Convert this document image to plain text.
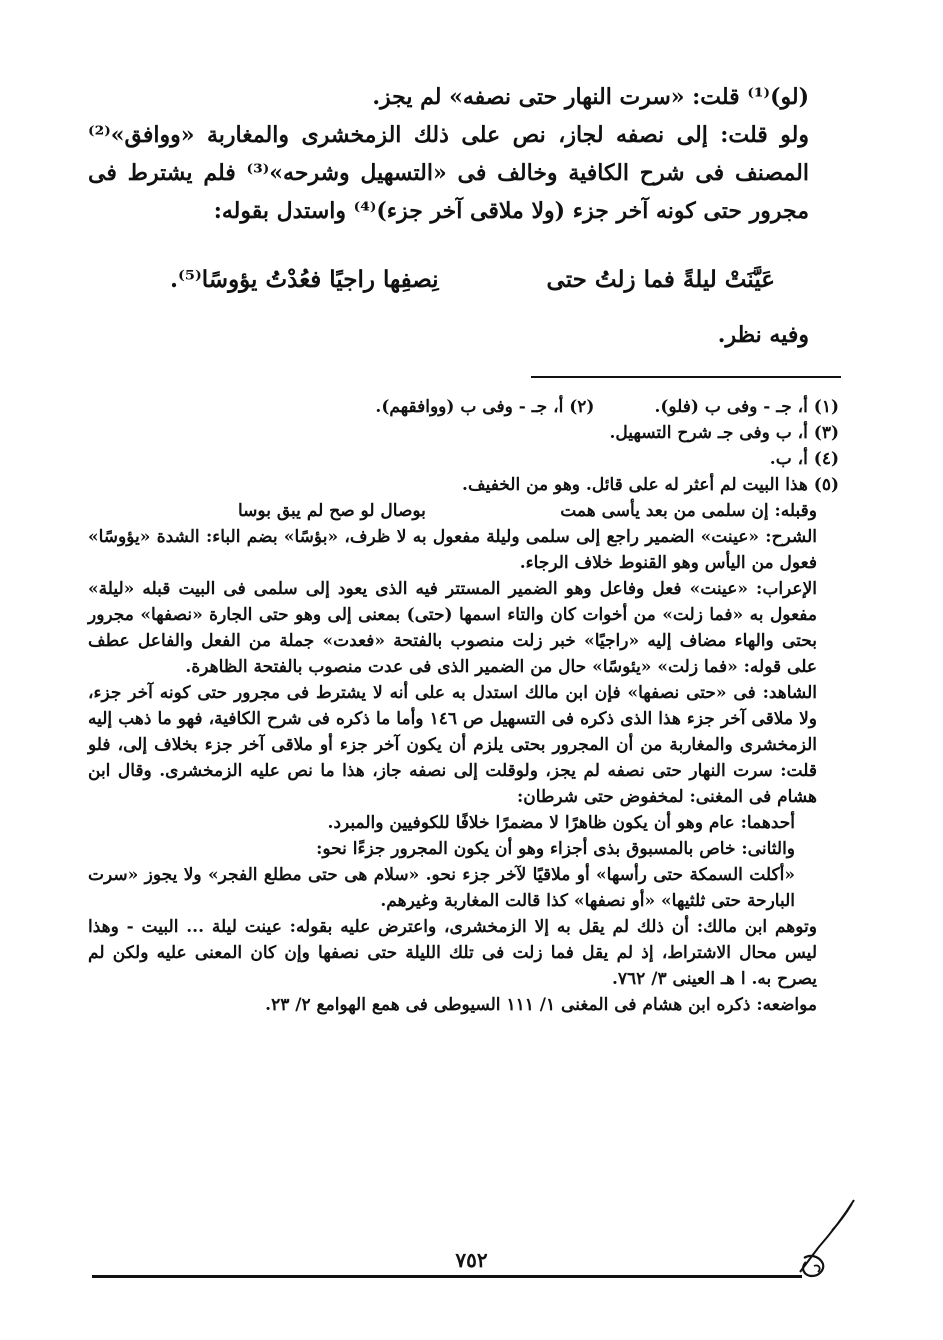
(لو)⁽¹⁾ قلت: «سرت النهار حتى نصفه» لم يجز.

ولو قلت: إلى نصفه لجاز، نص على ذلك الزمخشرى والمغاربة «ووافق»⁽²⁾ المصنف فى شرح الكافية وخالف فى «التسهيل وشرحه»⁽³⁾ فلم يشترط فى مجرور حتى كونه آخر جزء (ولا ملاقى آخر جزء)⁽⁴⁾ واستدل بقوله:

عَيَّنَتْ ليلةً فما زلتُ حتى
نِصفِها راجيًا فعُدْتُ يؤوسًا⁽⁵⁾.
وفيه نظر.
(١) أ، جـ - وفى ب (فلو).
(٢) أ، جـ - وفى ب (ووافقهم).

(٣) أ، ب وفى جـ شرح التسهيل.

(٤) أ، ب.

(٥) هذا البيت لم أعثر له على قائل. وهو من الخفيف.

وقبله: إن سلمى من بعد يأسى همت
بوصال لو صح لم يبق بوسا

الشرح: «عينت» الضمير راجع إلى سلمى وليلة مفعول به لا ظرف، «بؤسًا» بضم الباء: الشدة «يؤوسًا» فعول من اليأس وهو القنوط خلاف الرجاء.

الإعراب: «عينت» فعل وفاعل وهو الضمير المستتر فيه الذى يعود إلى سلمى فى البيت قبله «ليلة» مفعول به «فما زلت» من أخوات كان والتاء اسمها (حتى) بمعنى إلى وهو حتى الجارة «نصفها» مجرور بحتى والهاء مضاف إليه «راجيًا» خبر زلت منصوب بالفتحة «فعدت» جملة من الفعل والفاعل عطف على قوله: «فما زلت» «يئوسًا» حال من الضمير الذى فى عدت منصوب بالفتحة الظاهرة.

الشاهد: فى «حتى نصفها» فإن ابن مالك استدل به على أنه لا يشترط فى مجرور حتى كونه آخر جزء، ولا ملاقى آخر جزء هذا الذى ذكره فى التسهيل ص ١٤٦ وأما ما ذكره فى شرح الكافية، فهو ما ذهب إليه الزمخشرى والمغاربة من أن المجرور بحتى يلزم أن يكون آخر جزء أو ملاقى آخر جزء بخلاف إلى، فلو قلت: سرت النهار حتى نصفه لم يجز، ولوقلت إلى نصفه جاز، هذا ما نص عليه الزمخشرى. وقال ابن هشام فى المغنى: لمخفوض حتى شرطان:

أحدهما: عام وهو أن يكون ظاهرًا لا مضمرًا خلافًا للكوفيين والمبرد.

والثانى: خاص بالمسبوق بذى أجزاء وهو أن يكون المجرور جزءًا نحو:

«أكلت السمكة حتى رأسها» أو ملاقيًا لآخر جزء نحو. «سلام هى حتى مطلع الفجر» ولا يجوز «سرت البارحة حتى ثلثيها» «أو نصفها» كذا قالت المغاربة وغيرهم.

وتوهم ابن مالك: أن ذلك لم يقل به إلا الزمخشرى، واعترض عليه بقوله: عينت ليلة ... البيت - وهذا ليس محال الاشتراط، إذ لم يقل فما زلت فى تلك الليلة حتى نصفها وإن كان المعنى عليه ولكن لم يصرح به. ا هـ العينى ٣/ ٧٦٢.

مواضعه: ذكره ابن هشام فى المغنى ١/ ١١١ السيوطى فى همع الهوامع ٢/ ٢٣.

٧٥٢
